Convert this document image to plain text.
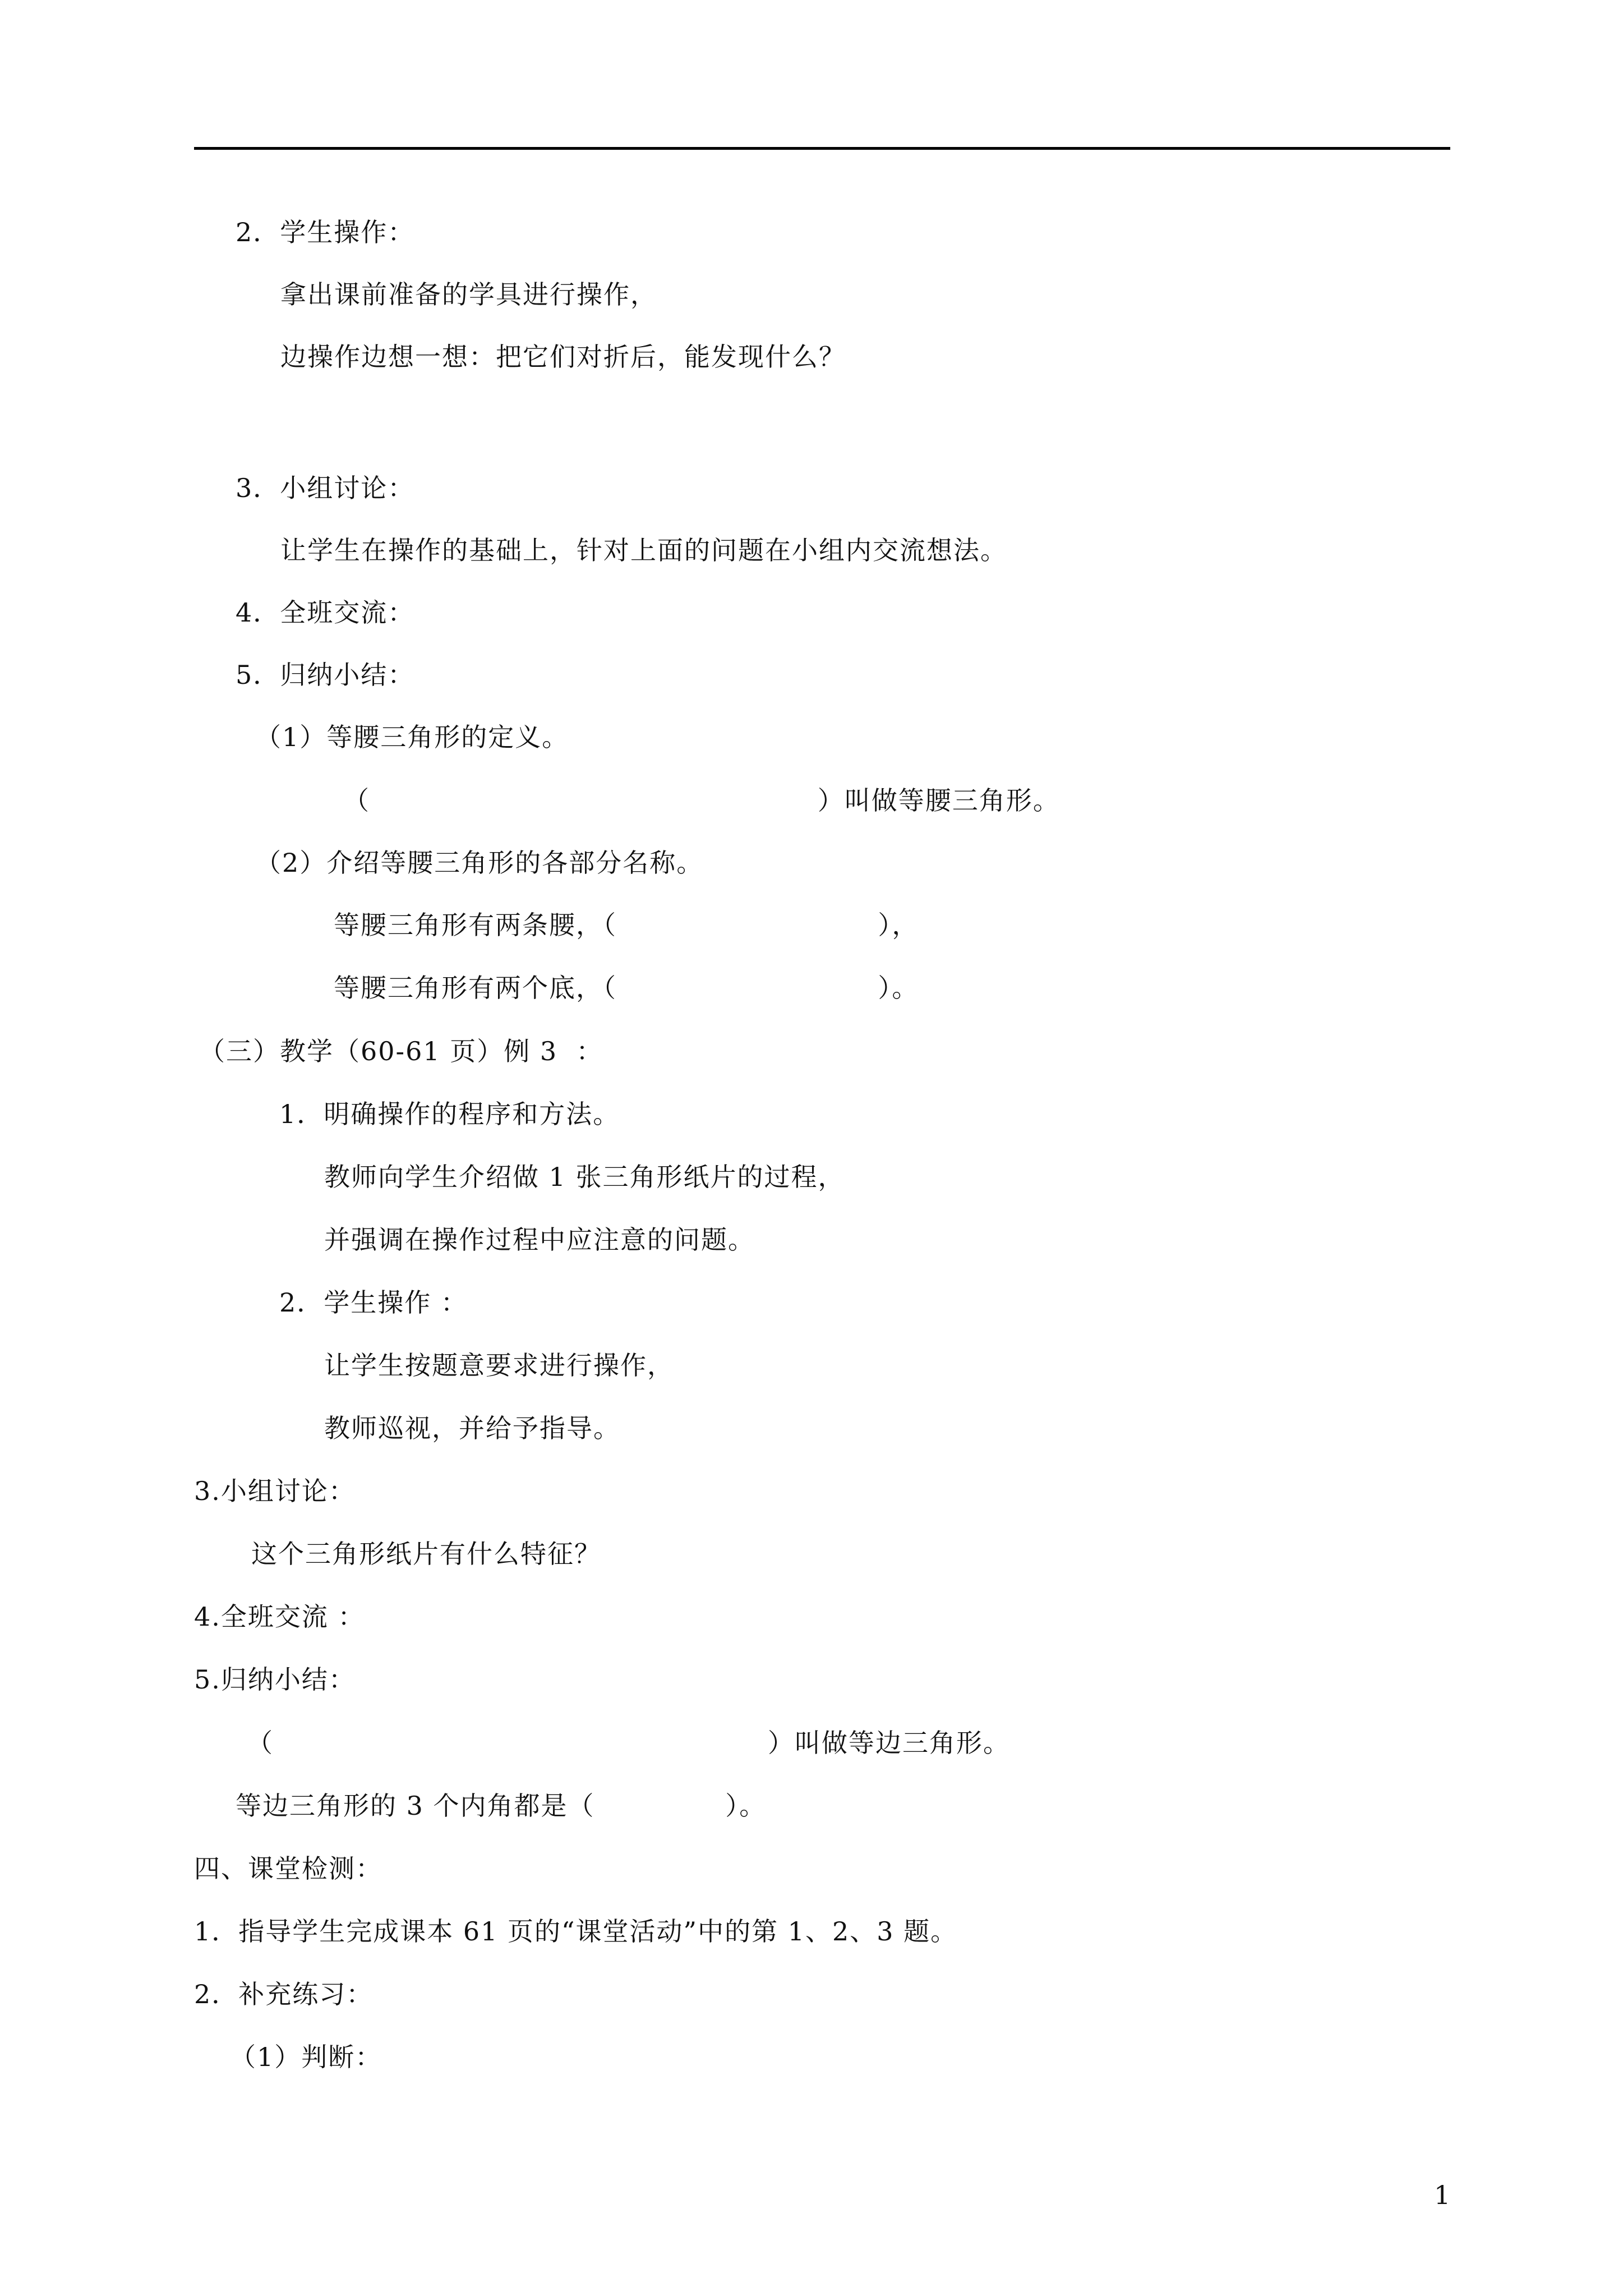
2．学生操作：
拿出课前准备的学具进行操作，
边操作边想一想：把它们对折后，能发现什么？
3．小组讨论：
让学生在操作的基础上，针对上面的问题在小组内交流想法。
4．全班交流：
5．归纳小结：
（1）等腰三角形的定义。
（                                                ）叫做等腰三角形。
（2）介绍等腰三角形的各部分名称。
等腰三角形有两条腰，（                            ），
等腰三角形有两个底，（                            ）。
（三）教学（60-61 页）例 3  ：
1．明确操作的程序和方法。
教师向学生介绍做 1 张三角形纸片的过程，
并强调在操作过程中应注意的问题。
2．学生操作 ：
让学生按题意要求进行操作，
教师巡视，并给予指导。
3.小组讨论：
这个三角形纸片有什么特征？
4.全班交流 ：
5.归纳小结：
（                                                     ）叫做等边三角形。
等边三角形的 3 个内角都是（              ）。
四、课堂检测：
1．指导学生完成课本 61 页的“课堂活动”中的第 1、2、3 题。
2．补充练习：
（1）判断：
1
